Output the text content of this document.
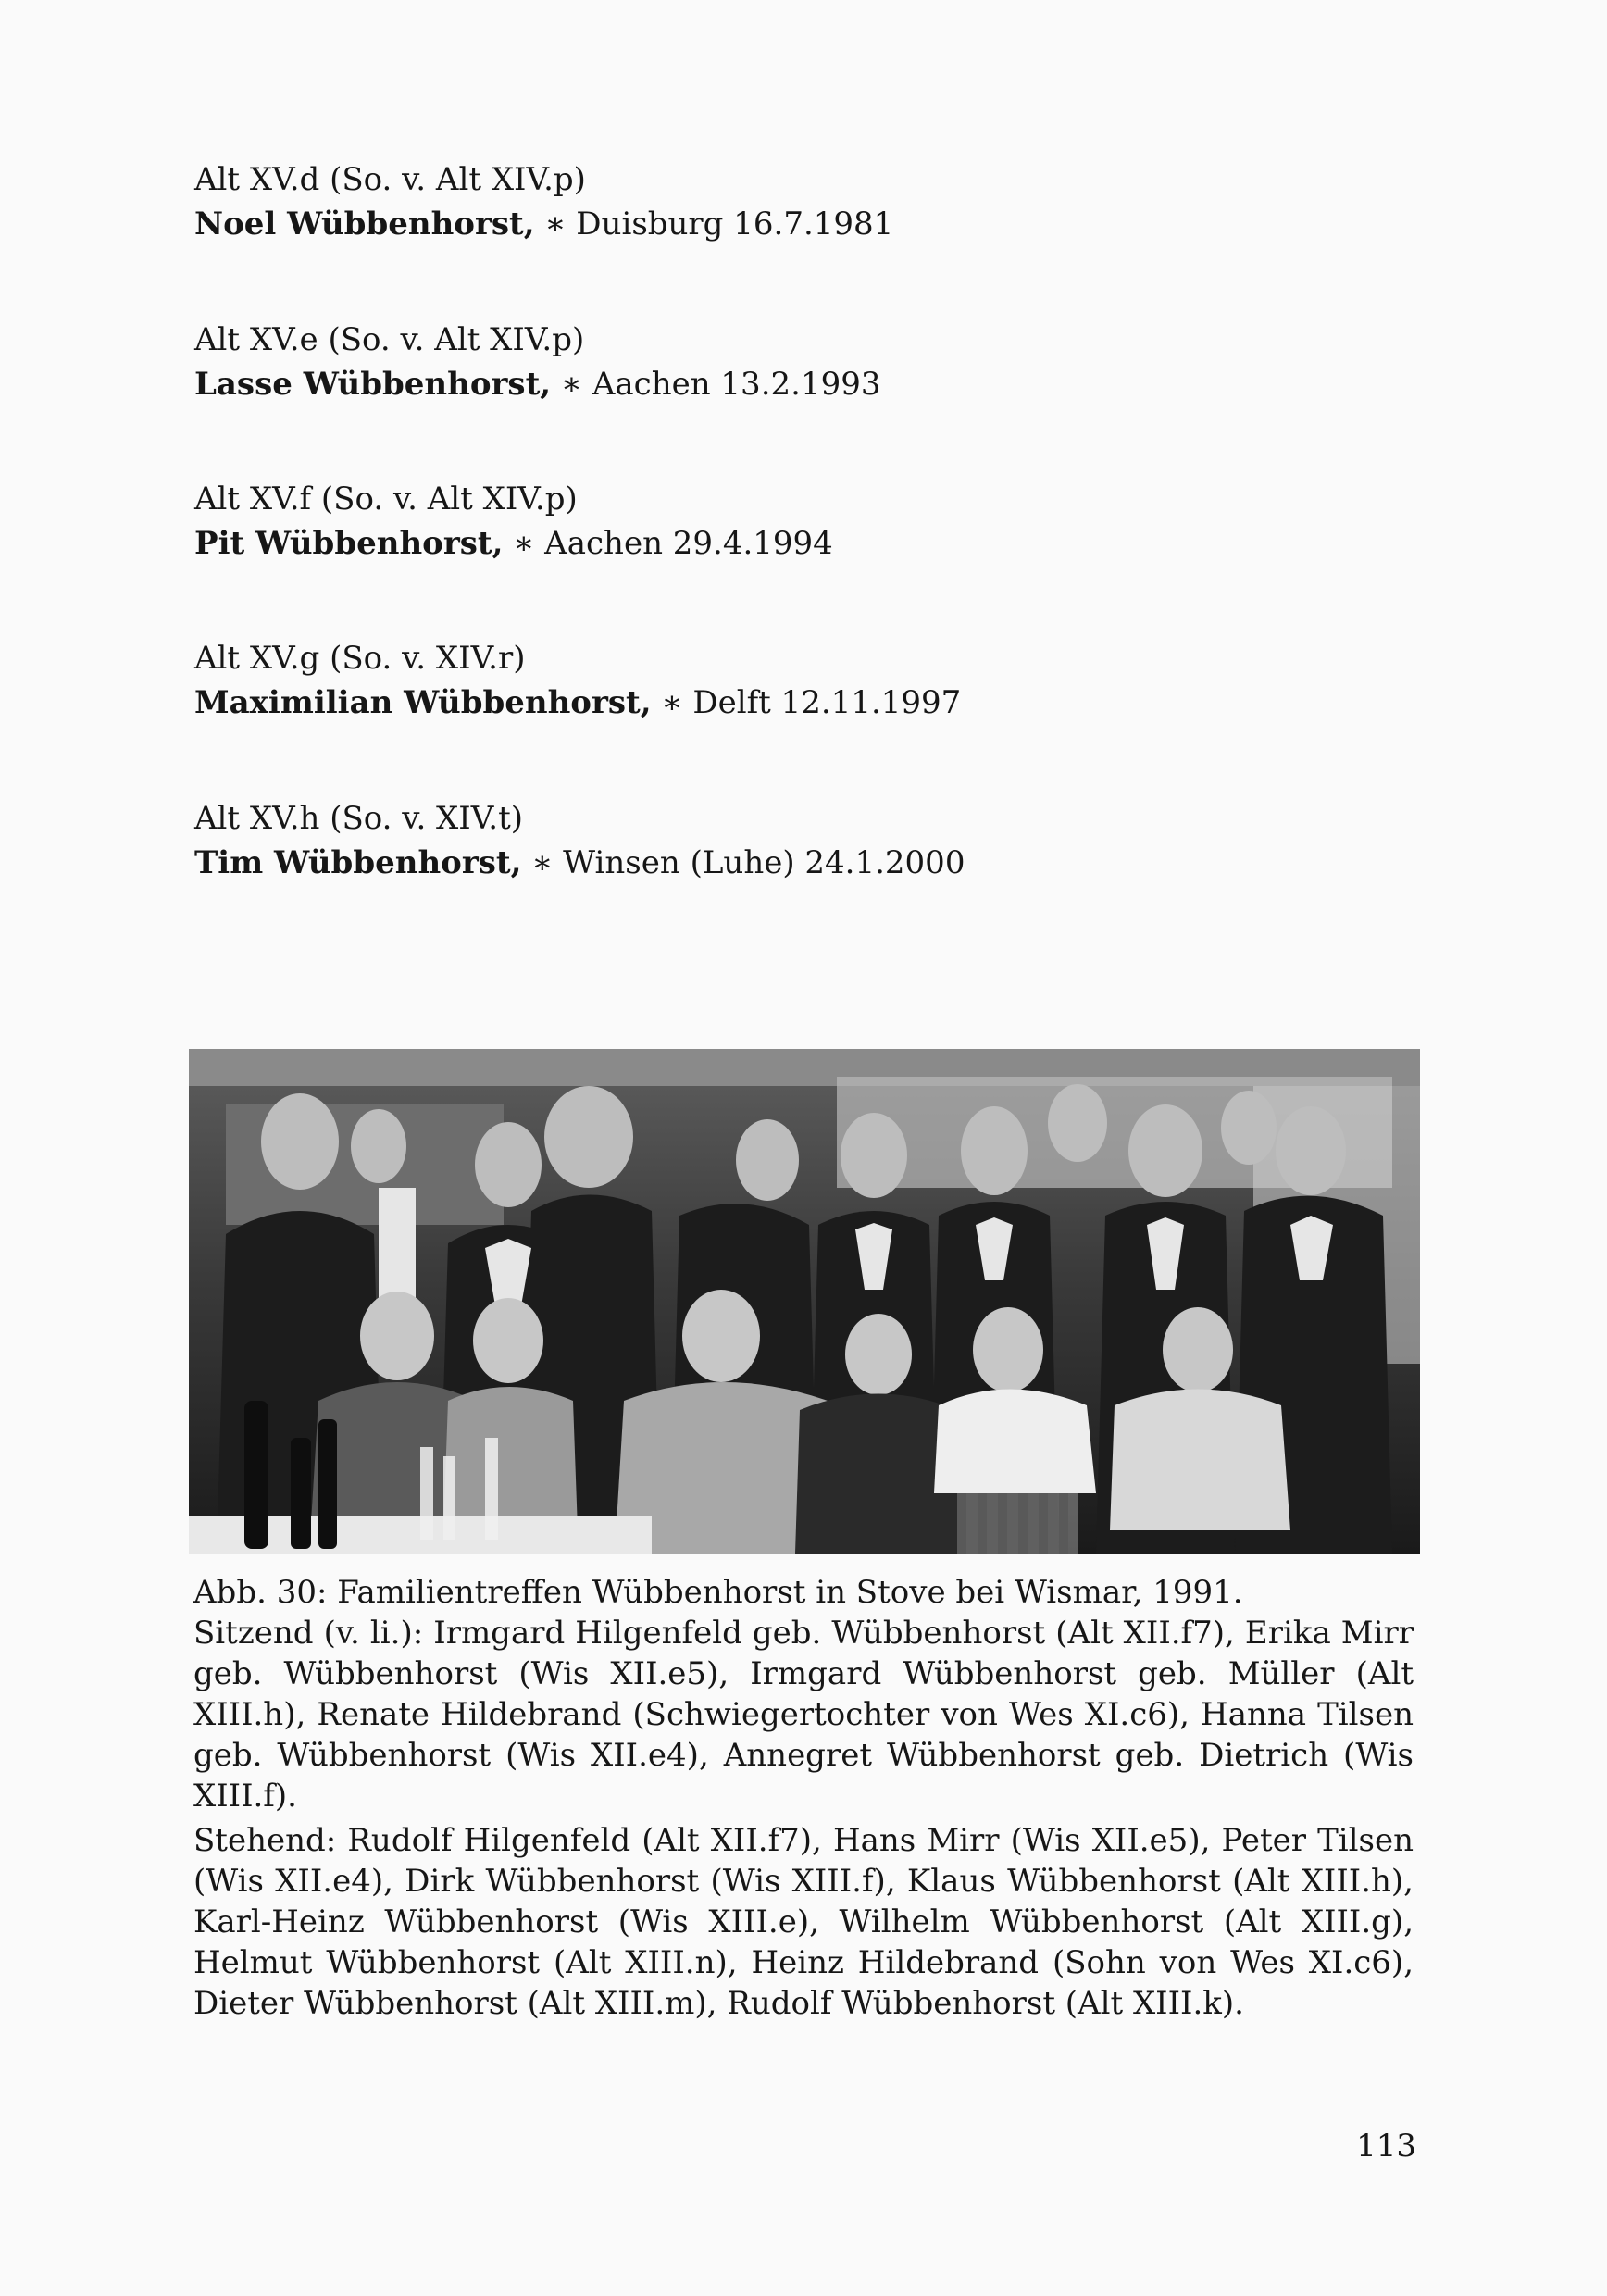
Alt XV.d (So. v. Alt XIV.p)
Noel Wübbenhorst, ∗ Duisburg 16.7.1981
Alt XV.e (So. v. Alt XIV.p)
Lasse Wübbenhorst, ∗ Aachen 13.2.1993
Alt XV.f (So. v. Alt XIV.p)
Pit Wübbenhorst, ∗ Aachen 29.4.1994
Alt XV.g (So. v. XIV.r)
Maximilian Wübbenhorst, ∗ Delft 12.11.1997
Alt XV.h (So. v. XIV.t)
Tim Wübbenhorst, ∗ Winsen (Luhe) 24.1.2000

Abb. 30: Familientreffen Wübbenhorst in Stove bei Wismar, 1991.
Sitzend (v. li.): Irmgard Hilgenfeld geb. Wübbenhorst (Alt XII.f7), Erika Mirr geb. Wübbenhorst (Wis XII.e5), Irmgard Wübbenhorst geb. Müller (Alt XIII.h), Renate Hildebrand (Schwiegertochter von Wes XI.c6), Hanna Tilsen geb. Wübbenhorst (Wis XII.e4), Annegret Wübbenhorst geb. Dietrich (Wis XIII.f).

Stehend: Rudolf Hilgenfeld (Alt XII.f7), Hans Mirr (Wis XII.e5), Peter Tilsen (Wis XII.e4), Dirk Wübbenhorst (Wis XIII.f), Klaus Wübbenhorst (Alt XIII.h), Karl-Heinz Wübbenhorst (Wis XIII.e), Wilhelm Wübbenhorst (Alt XIII.g), Helmut Wübbenhorst (Alt XIII.n), Heinz Hildebrand (Sohn von Wes XI.c6), Dieter Wübbenhorst (Alt XIII.m), Rudolf Wübbenhorst (Alt XIII.k).

113
